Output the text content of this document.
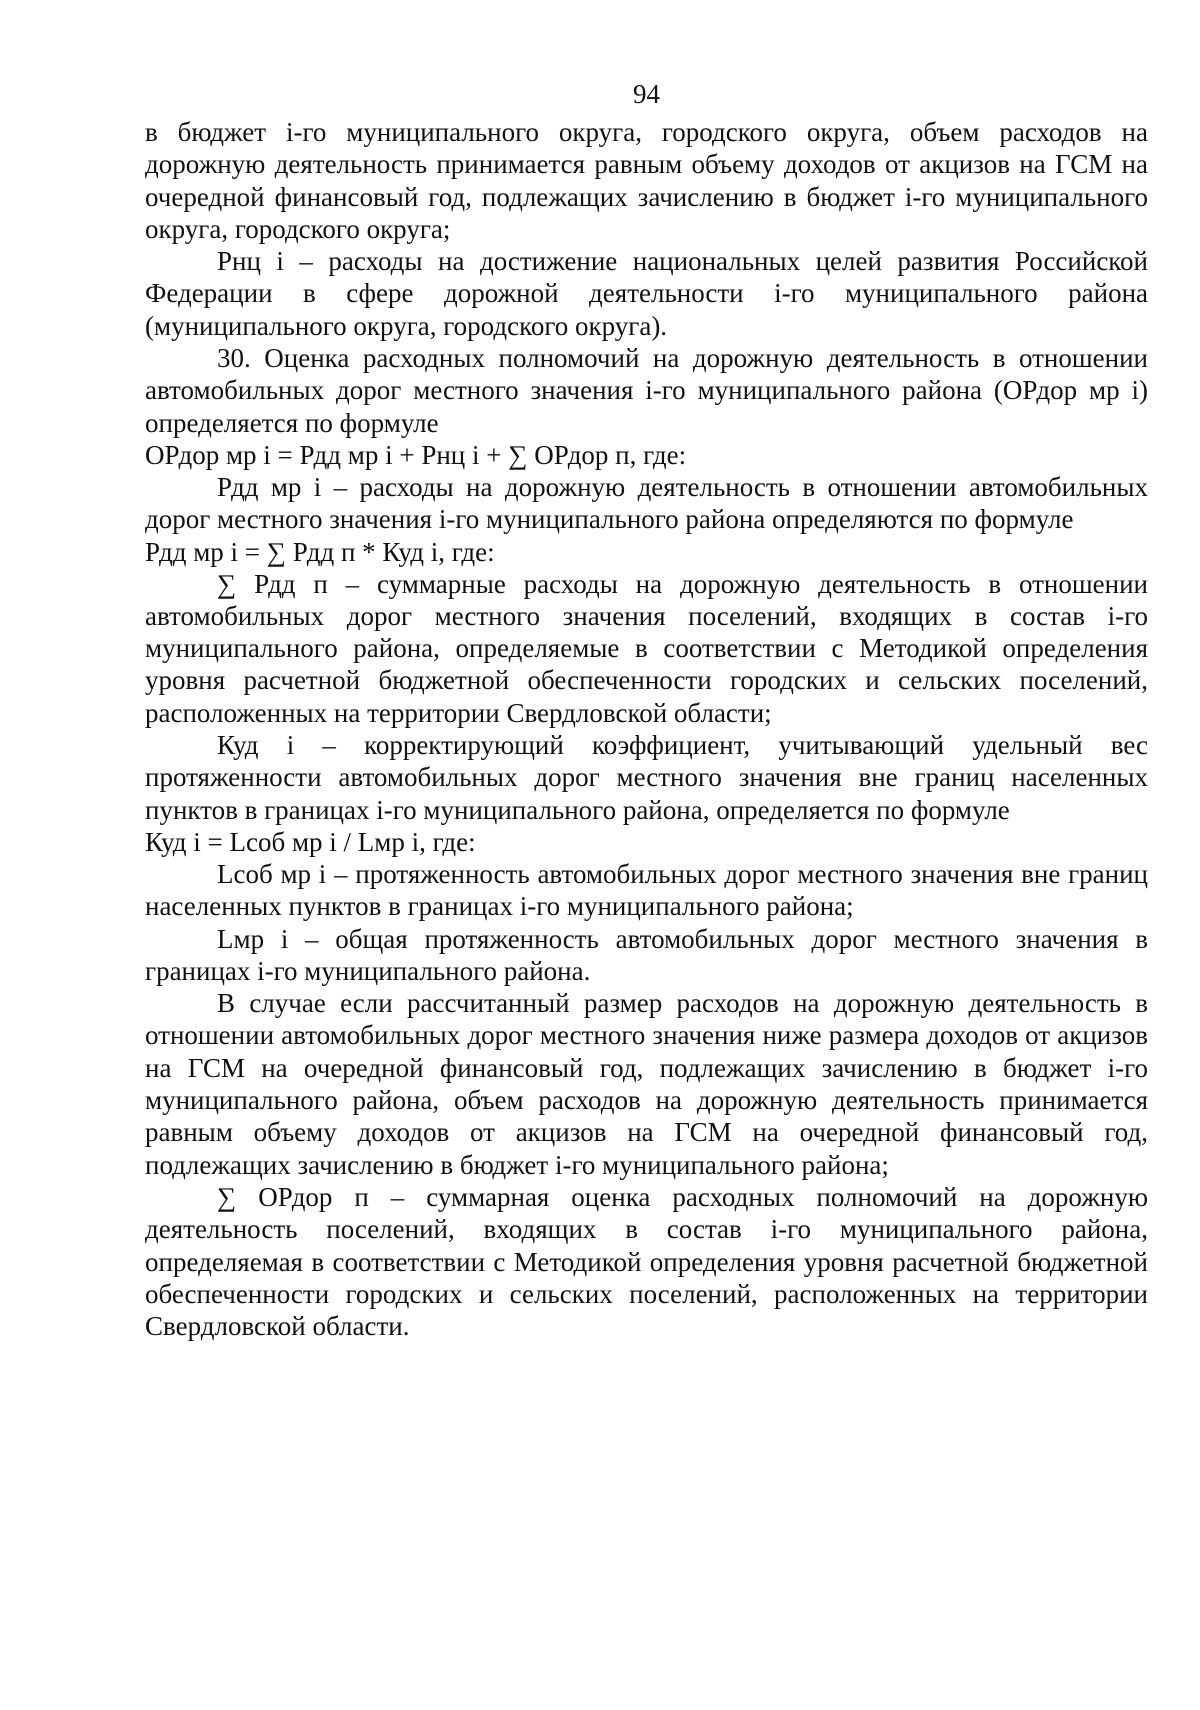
94

в бюджет i-го муниципального округа, городского округа, объем расходов на дорожную деятельность принимается равным объему доходов от акцизов на ГСМ на очередной финансовый год, подлежащих зачислению в бюджет i-го муниципального округа, городского округа;

Рнц i – расходы на достижение национальных целей развития Российской Федерации в сфере дорожной деятельности i-го муниципального района (муниципального округа, городского округа).

30. Оценка расходных полномочий на дорожную деятельность в отношении автомобильных дорог местного значения i-го муниципального района (ОРдор мр i) определяется по формуле

ОРдор мр i = Рдд мр i + Рнц i + ∑ ОРдор п, где:

Рдд мр i – расходы на дорожную деятельность в отношении автомобильных дорог местного значения i-го муниципального района определяются по формуле

Рдд мр i = ∑ Рдд п * Куд i, где:

∑ Рдд п – суммарные расходы на дорожную деятельность в отношении автомобильных дорог местного значения поселений, входящих в состав i-го муниципального района, определяемые в соответствии с Методикой определения уровня расчетной бюджетной обеспеченности городских и сельских поселений, расположенных на территории Свердловской области;

Куд i – корректирующий коэффициент, учитывающий удельный вес протяженности автомобильных дорог местного значения вне границ населенных пунктов в границах i-го муниципального района, определяется по формуле

Куд i = Lсоб мр i / Lмр i, где:

Lсоб мр i – протяженность автомобильных дорог местного значения вне границ населенных пунктов в границах i-го муниципального района;

Lмр i – общая протяженность автомобильных дорог местного значения в границах i-го муниципального района.

В случае если рассчитанный размер расходов на дорожную деятельность в отношении автомобильных дорог местного значения ниже размера доходов от акцизов на ГСМ на очередной финансовый год, подлежащих зачислению в бюджет i-го муниципального района, объем расходов на дорожную деятельность принимается равным объему доходов от акцизов на ГСМ на очередной финансовый год, подлежащих зачислению в бюджет i-го муниципального района;

∑ ОРдор п – суммарная оценка расходных полномочий на дорожную деятельность поселений, входящих в состав i-го муниципального района, определяемая в соответствии с Методикой определения уровня расчетной бюджетной обеспеченности городских и сельских поселений, расположенных на территории Свердловской области.
